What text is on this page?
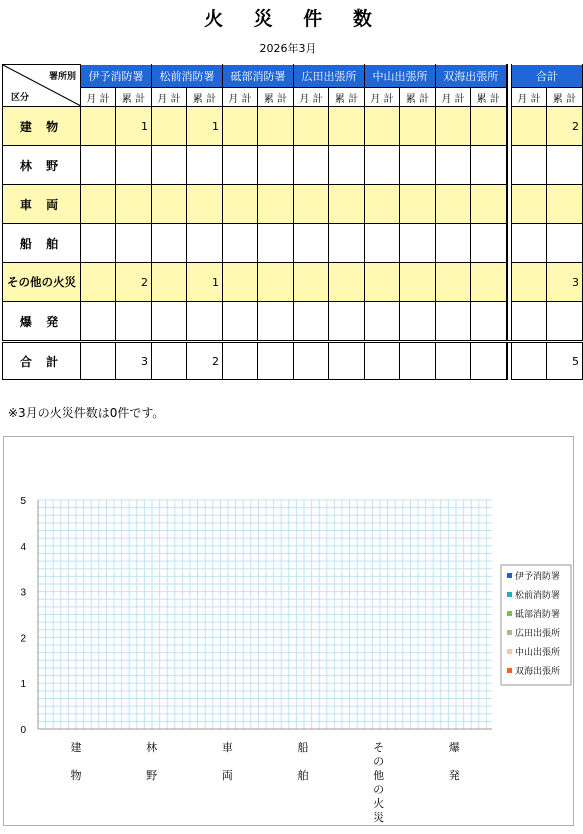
火 災 件 数
2026年3月
署所別
区分	伊予消防署		松前消防署		砥部消防署		広田出張所		中山出張所		双海出張所			合計	
	月 計	累 計	月 計	累 計	月 計	累 計	月 計	累 計	月 計	累 計	月 計	累 計		月 計	累 計
建 物		1		1											2
林 野															
車 両															
船 舶															
その他の火災		2		1											3
爆 発															
合 計		3		2											5
※3月の火災件数は0件です。
0
1
2
3
4
5
建
物
林
野
車
両
船
舶
そ
の
他
の
火
災
爆
発
伊予消防署
松前消防署
砥部消防署
広田出張所
中山出張所
双海出張所
